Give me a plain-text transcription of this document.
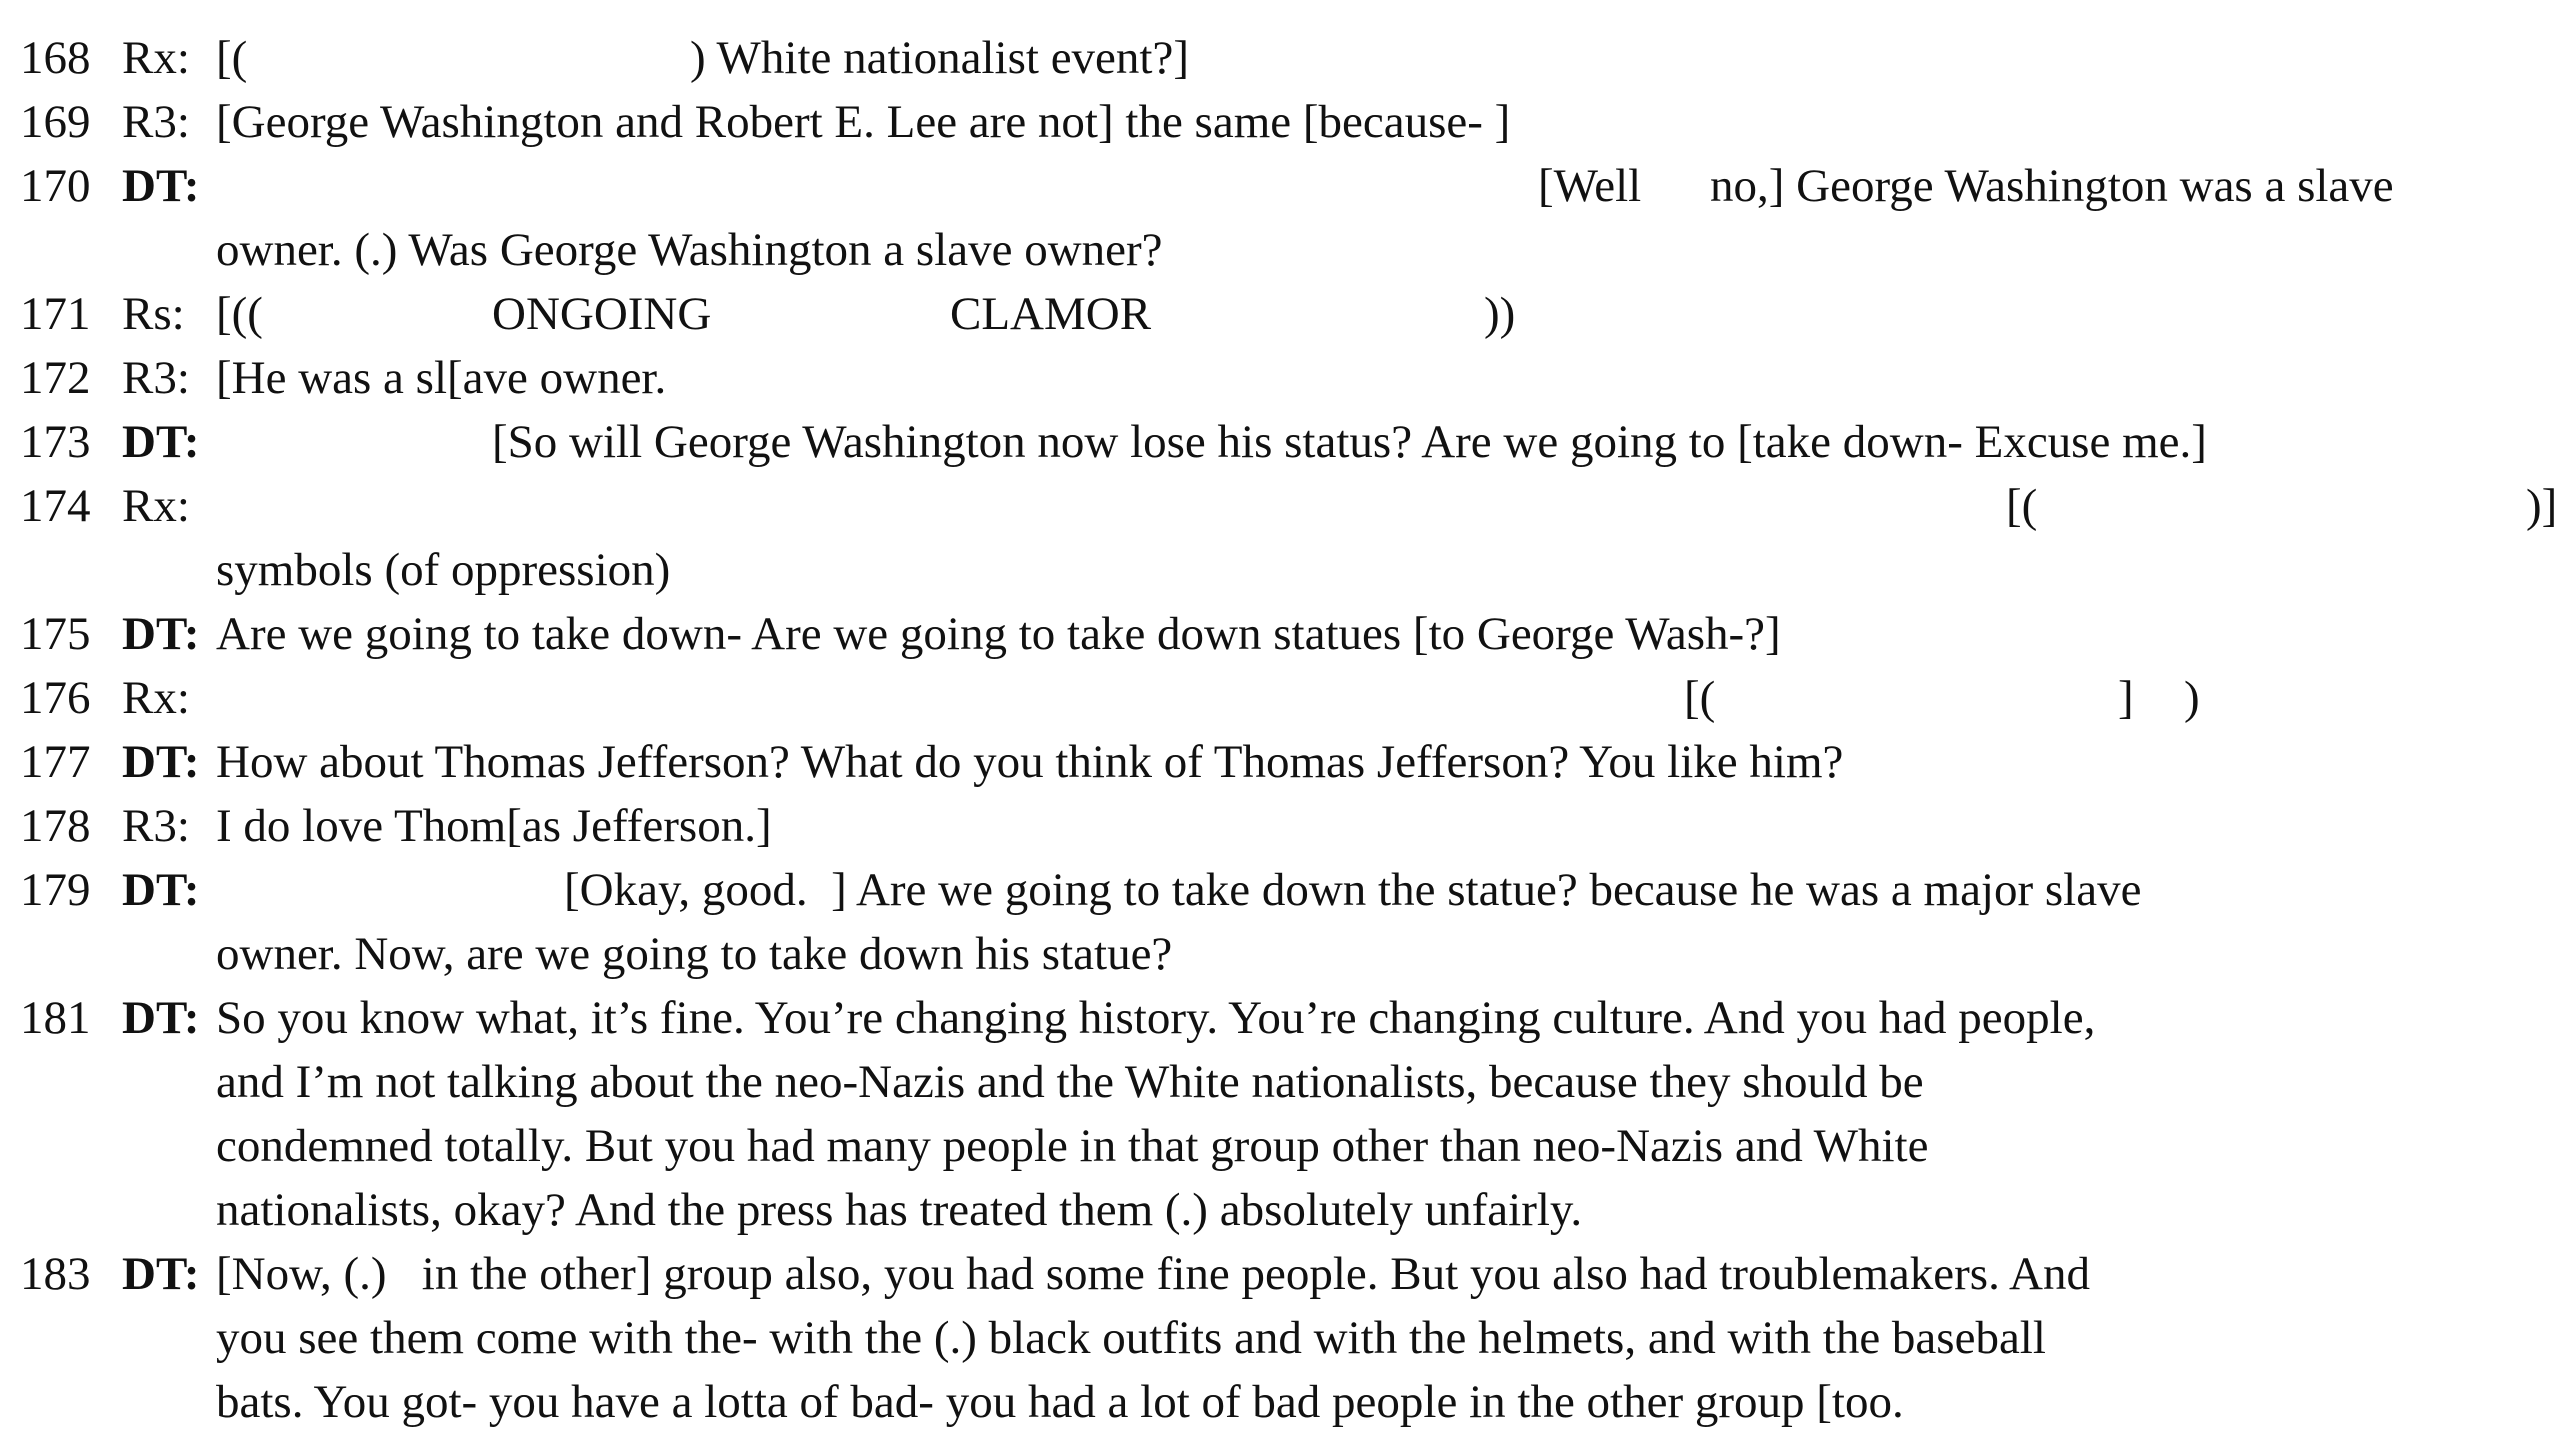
168 Rx: [(	) White nationalist event?]
169 R3: [George Washington and Robert E. Lee are not] the same [because- ]
170 DT:	[Well no,] George Washington was a slave
owner. (.) Was George Washington a slave owner?
171 Rs: [((	ONGOING	CLAMOR	))
172 R3: [He was a sl[ave owner.
173 DT:	[So will George Washington now lose his status? Are we going to [take down- Excuse me.]
174 Rx:	[(	)]
symbols (of oppression)
175 DT: Are we going to take down- Are we going to take down statues [to George Wash-?]
176 Rx:	[(	] )
177 DT: How about Thomas Jefferson? What do you think of Thomas Jefferson? You like him?
178 R3: I do love Thom[as Jefferson.]
179 DT:	[Okay, good.  ] Are we going to take down the statue? because he was a major slave
owner. Now, are we going to take down his statue?
181 DT: So you know what, it’s fine. You’re changing history. You’re changing culture. And you had people,
and I’m not talking about the neo-Nazis and the White nationalists, because they should be
condemned totally. But you had many people in that group other than neo-Nazis and White
nationalists, okay? And the press has treated them (.) absolutely unfairly.
183 DT: [Now, (.)   in the other] group also, you had some fine people. But you also had troublemakers. And
you see them come with the- with the (.) black outfits and with the helmets, and with the baseball
bats. You got- you have a lotta of bad- you had a lot of bad people in the other group [too.
